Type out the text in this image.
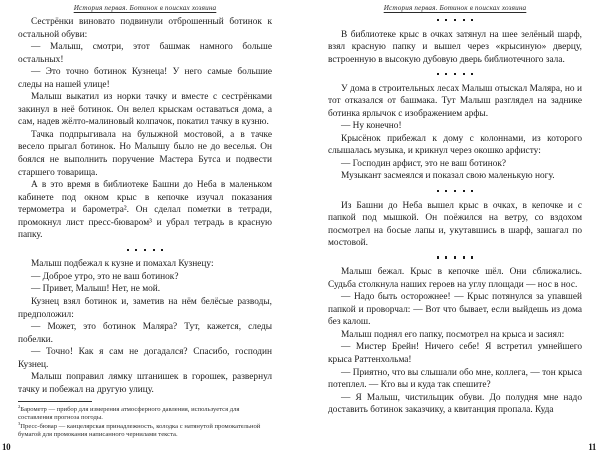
История первая. Ботинок в поисках хозяина

Сестрёнки виновато подвинули отброшенный ботинок к остальной обуви:

— Малыш, смотри, этот башмак намного больше остальных!

— Это точно ботинок Кузнеца! У него самые большие следы на нашей улице!

Малыш выкатил из норки тачку и вместе с сестрёнками закинул в неё ботинок. Он велел крыскам оставаться дома, а сам, надев жёлто-малиновый колпачок, покатил тачку в кузню.

Тачка подпрыгивала на булыжной мостовой, а в тачке весело прыгал ботинок. Но Малышу было не до веселья. Он боялся не выполнить поручение Мастера Бутса и подвести старшего товарища.

А в это время в библиотеке Башни до Неба в маленьком кабинете под окном крыс в кепочке изучал показания термометра и барометра². Он сделал пометки в тетради, промокнул лист пресс-бюваром³ и убрал тетрадь в красную папку.

Малыш подбежал к кузне и помахал Кузнецу:

— Доброе утро, это не ваш ботинок?

— Привет, Малыш! Нет, не мой.

Кузнец взял ботинок и, заметив на нём белёсые разводы, предположил:

— Может, это ботинок Маляра? Тут, кажется, следы побелки.

— Точно! Как я сам не догадался? Спасибо, господин Кузнец.

Малыш поправил лямку штанишек в горошек, развернул тачку и побежал на другую улицу.

$^2$Барометр — прибор для измерения атмосферного давления, используется для составления прогноза погоды.

$^3$Пресс-бювар — канцелярская принадлежность, колодка с натянутой промокательной бумагой для промокания написанного чернилами текста.

10
История первая. Ботинок в поисках хозяина

В библиотеке крыс в очках затянул на шее зелёный шарф, взял красную папку и вышел через «крысиную» дверцу, встроенную в высокую дубовую дверь библиотечного зала.

У дома в строительных лесах Малыш отыскал Маляра, но и тот отказался от башмака. Тут Малыш разглядел на заднике ботинка ярлычок с изображением арфы.

— Ну конечно!

Крысёнок прибежал к дому с колоннами, из которого слышалась музыка, и крикнул через окошко арфисту:

— Господин арфист, это не ваш ботинок?

Музыкант засмеялся и показал свою маленькую ногу.

Из Башни до Неба вышел крыс в очках, в кепочке и с папкой под мышкой. Он поёжился на ветру, со вздохом посмотрел на босые лапы и, укутавшись в шарф, зашагал по мостовой.

Малыш бежал. Крыс в кепочке шёл. Они сближались. Судьба столкнула наших героев на углу площади — нос в нос.

— Надо быть осторожнее! — Крыс потянулся за упавшей папкой и проворчал: — Вот что бывает, если выйдешь из дома без калош.

Малыш поднял его папку, посмотрел на крыса и засиял:

— Мистер Брейн! Ничего себе! Я встретил умнейшего крыса Раттенхольма!

— Приятно, что вы слышали обо мне, коллега, — тон крыса потеплел. — Кто вы и куда так спешите?

— Я Малыш, чистильщик обуви. До полудня мне надо доставить ботинок заказчику, а квитанция пропала. Куда

11
